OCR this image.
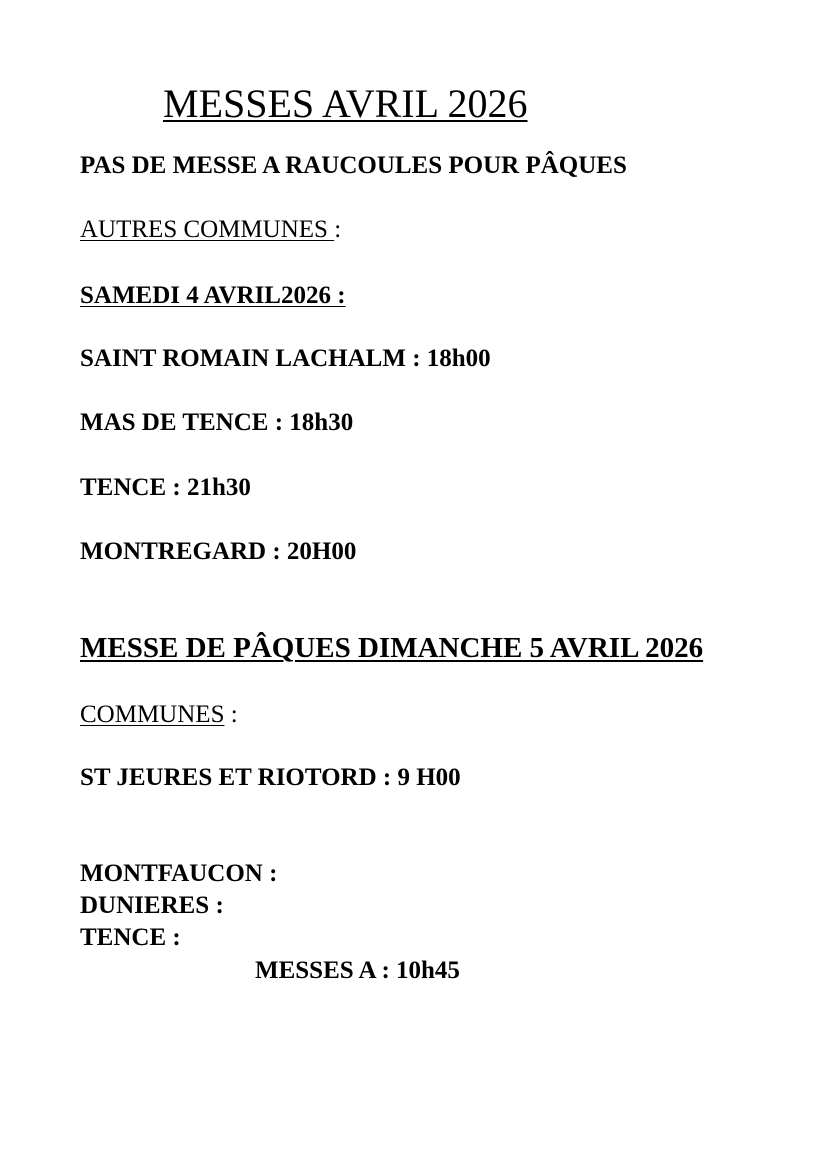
MESSES AVRIL 2026
PAS DE MESSE A RAUCOULES POUR PÂQUES
AUTRES COMMUNES :
SAMEDI 4 AVRIL2026 :
SAINT ROMAIN LACHALM : 18h00
MAS DE TENCE : 18h30
TENCE : 21h30
MONTREGARD : 20H00
MESSE DE PÂQUES DIMANCHE 5 AVRIL 2026
COMMUNES :
ST JEURES ET RIOTORD : 9 H00
MONTFAUCON :
DUNIERES :
TENCE :
MESSES A : 10h45
